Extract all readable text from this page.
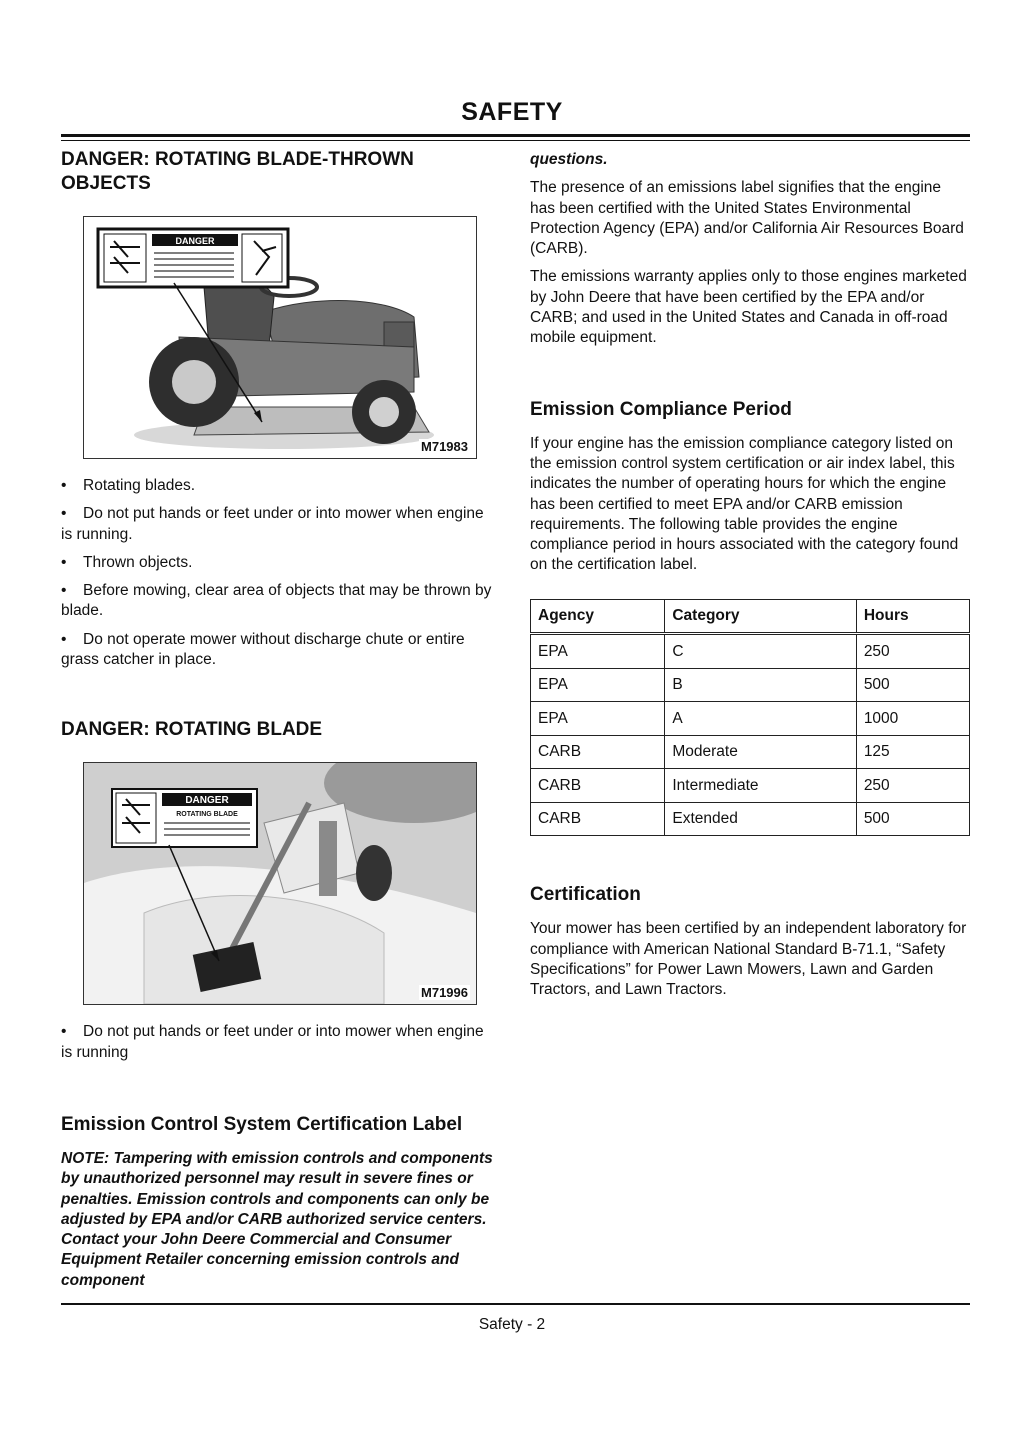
SAFETY
DANGER: ROTATING BLADE-THROWN OBJECTS
DANGER
M71983

• Rotating blades.

• Do not put hands or feet under or into mower when engine is running.

• Thrown objects.

• Before mowing, clear area of objects that may be thrown by blade.

• Do not operate mower without discharge chute or entire grass catcher in place.

DANGER: ROTATING BLADE
DANGER
ROTATING BLADE
M71996

• Do not put hands or feet under or into mower when engine is running

Emission Control System Certification Label

NOTE: Tampering with emission controls and components by unauthorized personnel may result in severe fines or penalties. Emission controls and components can only be adjusted by EPA and/or CARB authorized service centers. Contact your John Deere Commercial and Consumer Equipment Retailer concerning emission controls and component

questions.

The presence of an emissions label signifies that the engine has been certified with the United States Environmental Protection Agency (EPA) and/or California Air Resources Board (CARB).

The emissions warranty applies only to those engines marketed by John Deere that have been certified by the EPA and/or CARB; and used in the United States and Canada in off-road mobile equipment.

Emission Compliance Period

If your engine has the emission compliance category listed on the emission control system certification or air index label, this indicates the number of operating hours for which the engine has been certified to meet EPA and/or CARB emission requirements. The following table provides the engine compliance period in hours associated with the category found on the certification label.

Agency	Category	Hours
EPA	C	250
EPA	B	500
EPA	A	1000
CARB	Moderate	125
CARB	Intermediate	250
CARB	Extended	500
Certification

Your mower has been certified by an independent laboratory for compliance with American National Standard B-71.1, “Safety Specifications” for Power Lawn Mowers, Lawn and Garden Tractors, and Lawn Tractors.

Safety - 2
